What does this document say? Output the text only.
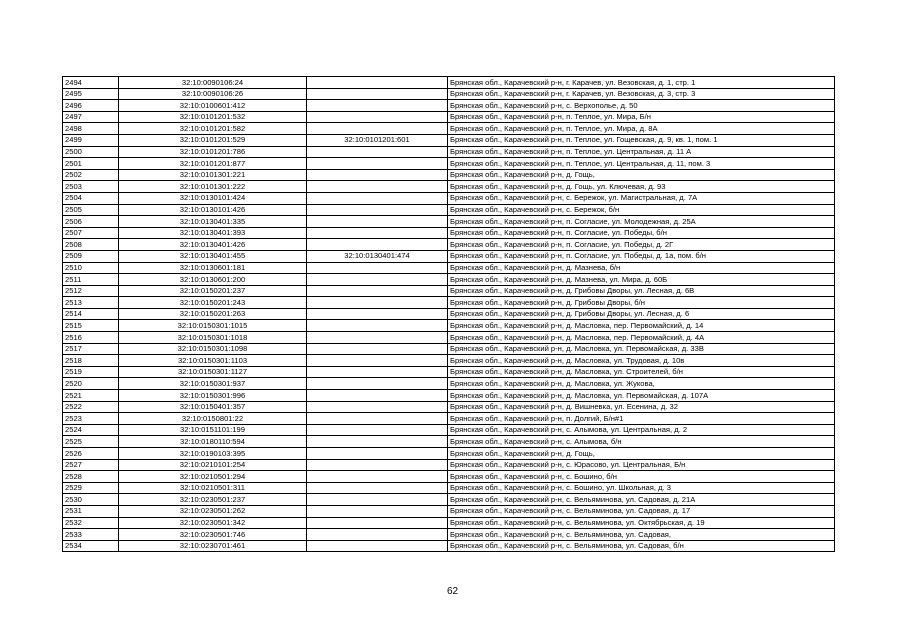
2494	32:10:0090106:24		Брянская обл., Карачевский р-н, г. Карачев, ул. Везовская, д. 1, стр. 1
2495	32:10:0090106:26		Брянская обл., Карачевский р-н, г. Карачев, ул. Везовская, д. 3, стр. 3
2496	32:10:0100601:412		Брянская обл., Карачевский р-н, с. Верхополье, д. 50
2497	32:10:0101201:532		Брянская обл., Карачевский р-н, п. Теплое, ул. Мира, Б/н
2498	32:10:0101201:582		Брянская обл., Карачевский р-н, п. Теплое, ул. Мира, д. 8А
2499	32:10:0101201:529	32:10:0101201:601	Брянская обл., Карачевский р-н, п. Теплое, ул. Гощевская, д. 9, кв. 1, пом. 1
2500	32:10:0101201:786		Брянская обл., Карачевский р-н, п. Теплое, ул. Центральная, д. 11 А
2501	32:10:0101201:877		Брянская обл., Карачевский р-н, п. Теплое, ул. Центральная, д. 11, пом. 3
2502	32:10:0101301:221		Брянская обл., Карачевский р-н, д. Гощь,
2503	32:10:0101301:222		Брянская обл., Карачевский р-н, д. Гощь, ул. Ключевая, д. 93
2504	32:10:0130101:424		Брянская обл., Карачевский р-н, с. Бережок, ул. Магистральная, д. 7А
2505	32:10:0130101:426		Брянская обл., Карачевский р-н, с. Бережок, б/н
2506	32:10:0130401:335		Брянская обл., Карачевский р-н, п. Согласие, ул. Молодежная, д. 25А
2507	32:10:0130401:393		Брянская обл., Карачевский р-н, п. Согласие, ул. Победы, б/н
2508	32:10:0130401:426		Брянская обл., Карачевский р-н, п. Согласие, ул. Победы, д. 2Г
2509	32:10:0130401:455	32:10:0130401:474	Брянская обл., Карачевский р-н, п. Согласие, ул. Победы, д. 1а, пом. б/н
2510	32:10:0130601:181		Брянская обл., Карачевский р-н, д. Мазнева, б/н
2511	32:10:0130601:200		Брянская обл., Карачевский р-н, д. Мазнева, ул. Мира, д. 60Б
2512	32:10:0150201:237		Брянская обл., Карачевский р-н, д. Грибовы Дворы, ул. Лесная, д. 6В
2513	32:10:0150201:243		Брянская обл., Карачевский р-н, д. Грибовы Дворы, б/н
2514	32:10:0150201:263		Брянская обл., Карачевский р-н, д. Грибовы Дворы, ул. Лесная, д. 6
2515	32:10:0150301:1015		Брянская обл., Карачевский р-н, д. Масловка, пер. Первомайский, д. 14
2516	32:10:0150301:1018		Брянская обл., Карачевский р-н, д. Масловка, пер. Первомайский, д. 4А
2517	32:10:0150301:1098		Брянская обл., Карачевский р-н, д. Масловка, ул. Первомайская, д. 33В
2518	32:10:0150301:1103		Брянская обл., Карачевский р-н, д. Масловка, ул. Трудовая, д. 10в
2519	32:10:0150301:1127		Брянская обл., Карачевский р-н, д. Масловка, ул. Строителей, б/н
2520	32:10:0150301:937		Брянская обл., Карачевский р-н, д. Масловка, ул. Жукова,
2521	32:10:0150301:996		Брянская обл., Карачевский р-н, д. Масловка, ул. Первомайская, д. 107А
2522	32:10:0150401:357		Брянская обл., Карачевский р-н, д. Вишневка, ул. Есенина, д. 32
2523	32:10:0150801:22		Брянская обл., Карачевский р-н, п. Долгий, Б/н#1
2524	32:10:0151101:199		Брянская обл., Карачевский р-н, с. Алымова, ул. Центральная, д. 2
2525	32:10:0180110:594		Брянская обл., Карачевский р-н, с. Алымова, б/н
2526	32:10:0190103:395		Брянская обл., Карачевский р-н, д. Гощь,
2527	32:10:0210101:254		Брянская обл., Карачевский р-н, с. Юрасово, ул. Центральная, Б/н
2528	32:10:0210501:294		Брянская обл., Карачевский р-н, с. Бошино, б/н
2529	32:10:0210501:311		Брянская обл., Карачевский р-н, с. Бошино, ул. Школьная, д. 3
2530	32:10:0230501:237		Брянская обл., Карачевский р-н, с. Вельяминова, ул. Садовая, д. 21А
2531	32:10:0230501:262		Брянская обл., Карачевский р-н, с. Вельяминова, ул. Садовая, д. 17
2532	32:10:0230501:342		Брянская обл., Карачевский р-н, с. Вельяминова, ул. Октябрьская, д. 19
2533	32:10:0230501:746		Брянская обл., Карачевский р-н, с. Вельяминова, ул. Садовая,
2534	32:10:0230701:461		Брянская обл., Карачевский р-н, с. Вельяминова, ул. Садовая, б/н
62
